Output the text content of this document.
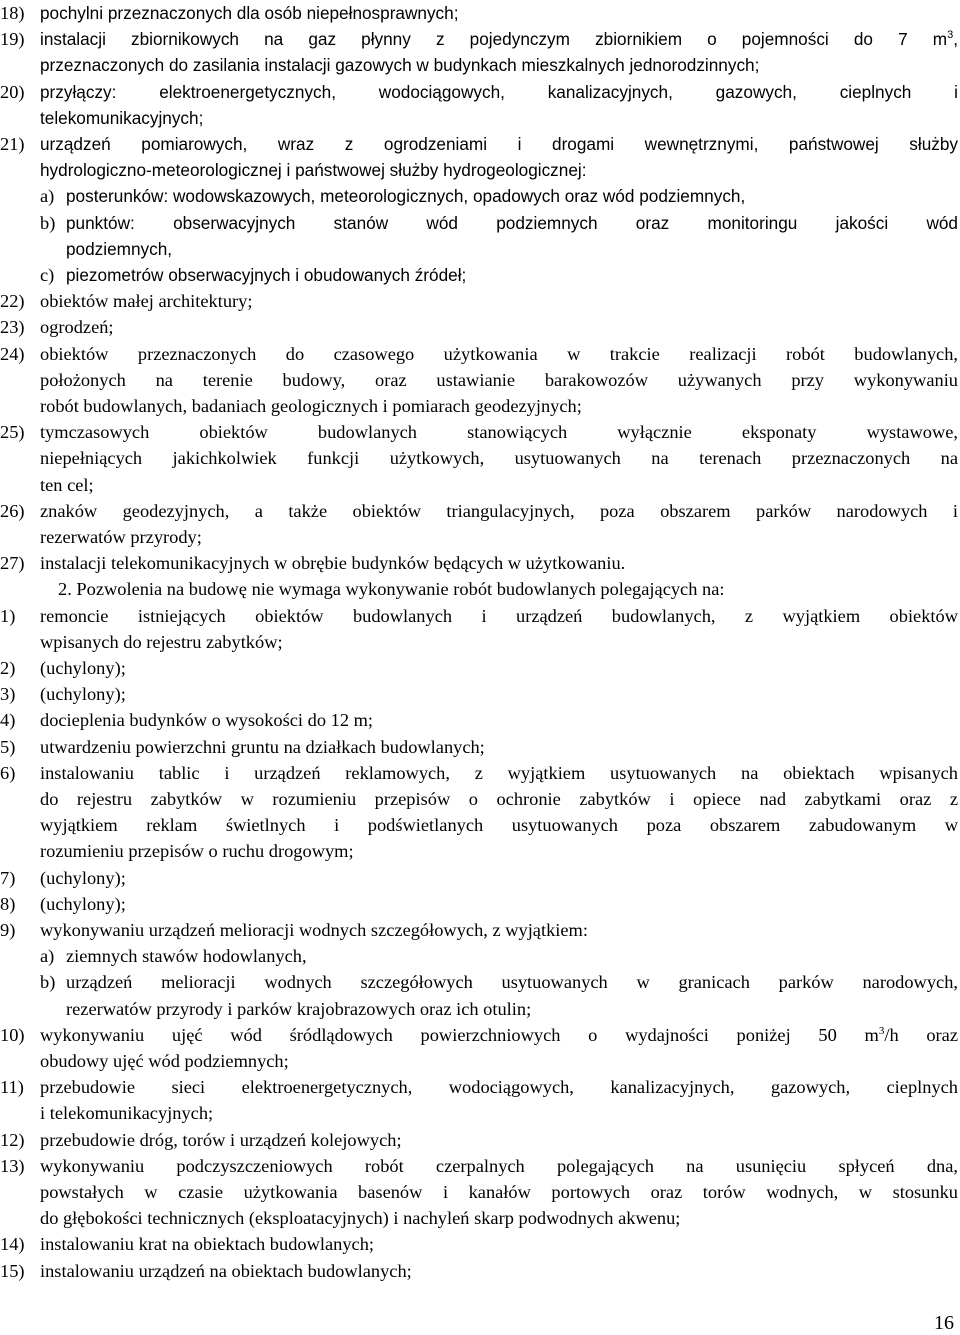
18) pochylni przeznaczonych dla osób niepełnosprawnych;
19) instalacji zbiornikowych na gaz płynny z pojedynczym zbiornikiem o pojemności do 7 $m^3$,
przeznaczonych do zasilania instalacji gazowych w budynkach mieszkalnych jednorodzinnych;
20) przyłączy: elektroenergetycznych, wodociągowych, kanalizacyjnych, gazowych, cieplnych i
telekomunikacyjnych;
21) urządzeń pomiarowych, wraz z ogrodzeniami i drogami wewnętrznymi, państwowej służby
hydrologiczno-meteorologicznej i państwowej służby hydrogeologicznej:
a) posterunków: wodowskazowych, meteorologicznych, opadowych oraz wód podziemnych,
b) punktów: obserwacyjnych stanów wód podziemnych oraz monitoringu jakości wód
podziemnych,
c) piezometrów obserwacyjnych i obudowanych źródeł;
22) obiektów małej architektury;
23) ogrodzeń;
24) obiektów przeznaczonych do czasowego użytkowania w trakcie realizacji robót budowlanych,
położonych na terenie budowy, oraz ustawianie barakowozów używanych przy wykonywaniu
robót budowlanych, badaniach geologicznych i pomiarach geodezyjnych;
25) tymczasowych obiektów budowlanych stanowiących wyłącznie eksponaty wystawowe,
niepełniących jakichkolwiek funkcji użytkowych, usytuowanych na terenach przeznaczonych na
ten cel;
26) znaków geodezyjnych, a także obiektów triangulacyjnych, poza obszarem parków narodowych i
rezerwatów przyrody;
27) instalacji telekomunikacyjnych w obrębie budynków będących w użytkowaniu.
2. Pozwolenia na budowę nie wymaga wykonywanie robót budowlanych polegających na:
1) remoncie istniejących obiektów budowlanych i urządzeń budowlanych, z wyjątkiem obiektów
wpisanych do rejestru zabytków;
2) (uchylony);
3) (uchylony);
4) docieplenia budynków o wysokości do 12 m;
5) utwardzeniu powierzchni gruntu na działkach budowlanych;
6) instalowaniu tablic i urządzeń reklamowych, z wyjątkiem usytuowanych na obiektach wpisanych
do rejestru zabytków w rozumieniu przepisów o ochronie zabytków i opiece nad zabytkami oraz z
wyjątkiem reklam świetlnych i podświetlanych usytuowanych poza obszarem zabudowanym w
rozumieniu przepisów o ruchu drogowym;
7) (uchylony);
8) (uchylony);
9) wykonywaniu urządzeń melioracji wodnych szczegółowych, z wyjątkiem:
a) ziemnych stawów hodowlanych,
b) urządzeń melioracji wodnych szczegółowych usytuowanych w granicach parków narodowych,
rezerwatów przyrody i parków krajobrazowych oraz ich otulin;
10) wykonywaniu ujęć wód śródlądowych powierzchniowych o wydajności poniżej 50 $m^3/h$ oraz
obudowy ujęć wód podziemnych;
11) przebudowie sieci elektroenergetycznych, wodociągowych, kanalizacyjnych, gazowych, cieplnych
i telekomunikacyjnych;
12) przebudowie dróg, torów i urządzeń kolejowych;
13) wykonywaniu podczyszczeniowych robót czerpalnych polegających na usunięciu spłyceń dna,
powstałych w czasie użytkowania basenów i kanałów portowych oraz torów wodnych, w stosunku
do głębokości technicznych (eksploatacyjnych) i nachyleń skarp podwodnych akwenu;
14) instalowaniu krat na obiektach budowlanych;
15) instalowaniu urządzeń na obiektach budowlanych;
16
